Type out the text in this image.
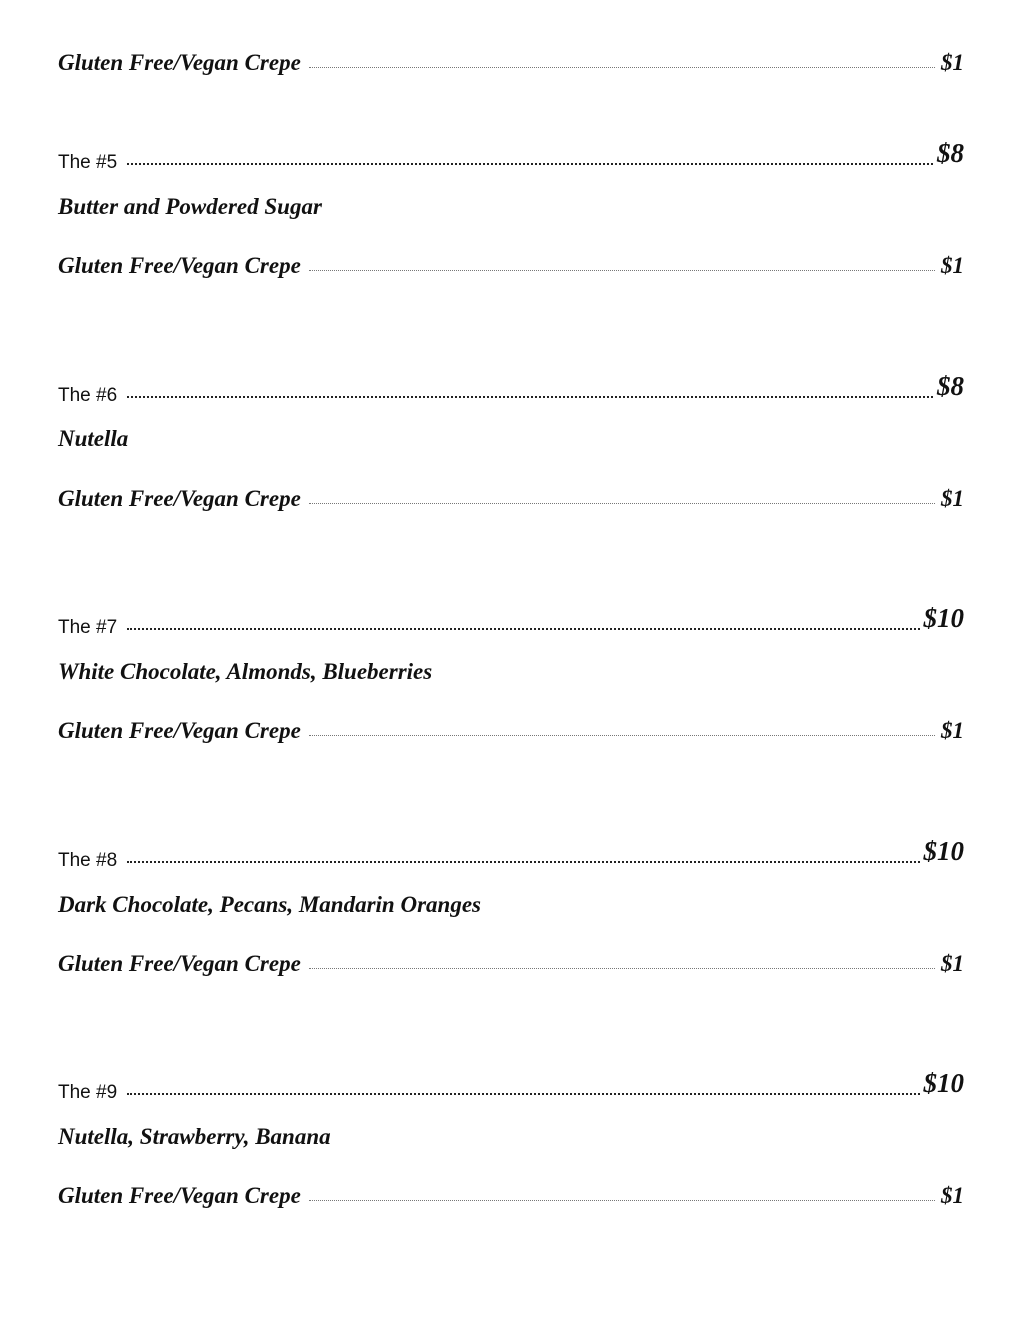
Gluten Free/Vegan Crepe	$1
The #5	$8
Butter and Powdered Sugar
Gluten Free/Vegan Crepe	$1
The #6	$8
Nutella
Gluten Free/Vegan Crepe	$1
The #7	$10
White Chocolate, Almonds, Blueberries
Gluten Free/Vegan Crepe	$1
The #8	$10
Dark Chocolate, Pecans, Mandarin Oranges
Gluten Free/Vegan Crepe	$1
The #9	$10
Nutella, Strawberry, Banana
Gluten Free/Vegan Crepe	$1
